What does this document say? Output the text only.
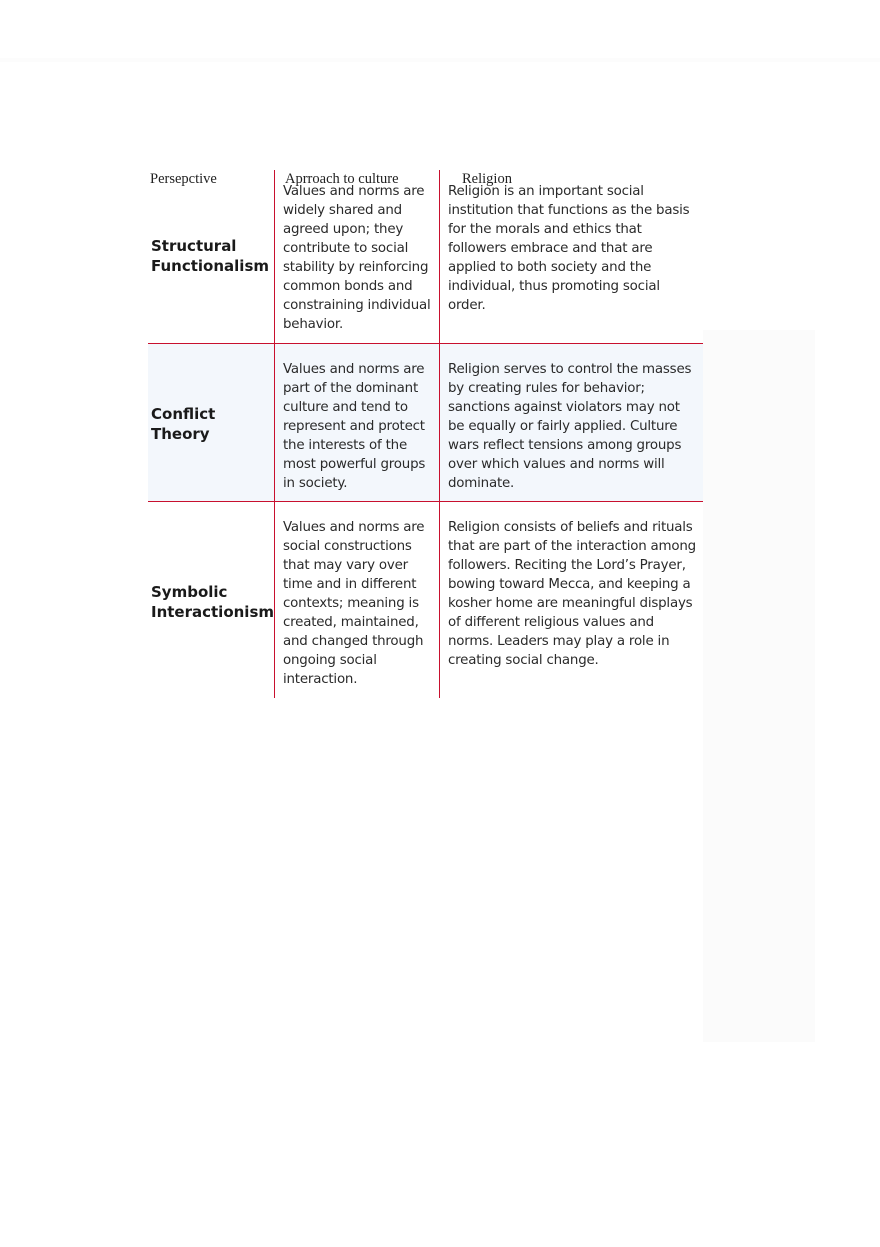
Persepctive	Aprroach to culture	Religion
Structural Functionalism
Values and norms are widely shared and agreed upon; they contribute to social stability by reinforcing common bonds and constraining individual behavior.
Religion is an important social institution that functions as the basis for the morals and ethics that followers embrace and that are applied to both society and the individual, thus promoting social order.
Conflict Theory
Values and norms are part of the dominant culture and tend to represent and protect the interests of the most powerful groups in society.
Religion serves to control the masses by creating rules for behavior; sanctions against violators may not be equally or fairly applied. Culture wars reflect tensions among groups over which values and norms will dominate.
Symbolic Interactionism
Values and norms are social constructions that may vary over time and in different contexts; meaning is created, maintained, and changed through ongoing social interaction.
Religion consists of beliefs and rituals that are part of the interaction among followers. Reciting the Lord’s Prayer, bowing toward Mecca, and keeping a kosher home are meaningful displays of different religious values and norms. Leaders may play a role in creating social change.
